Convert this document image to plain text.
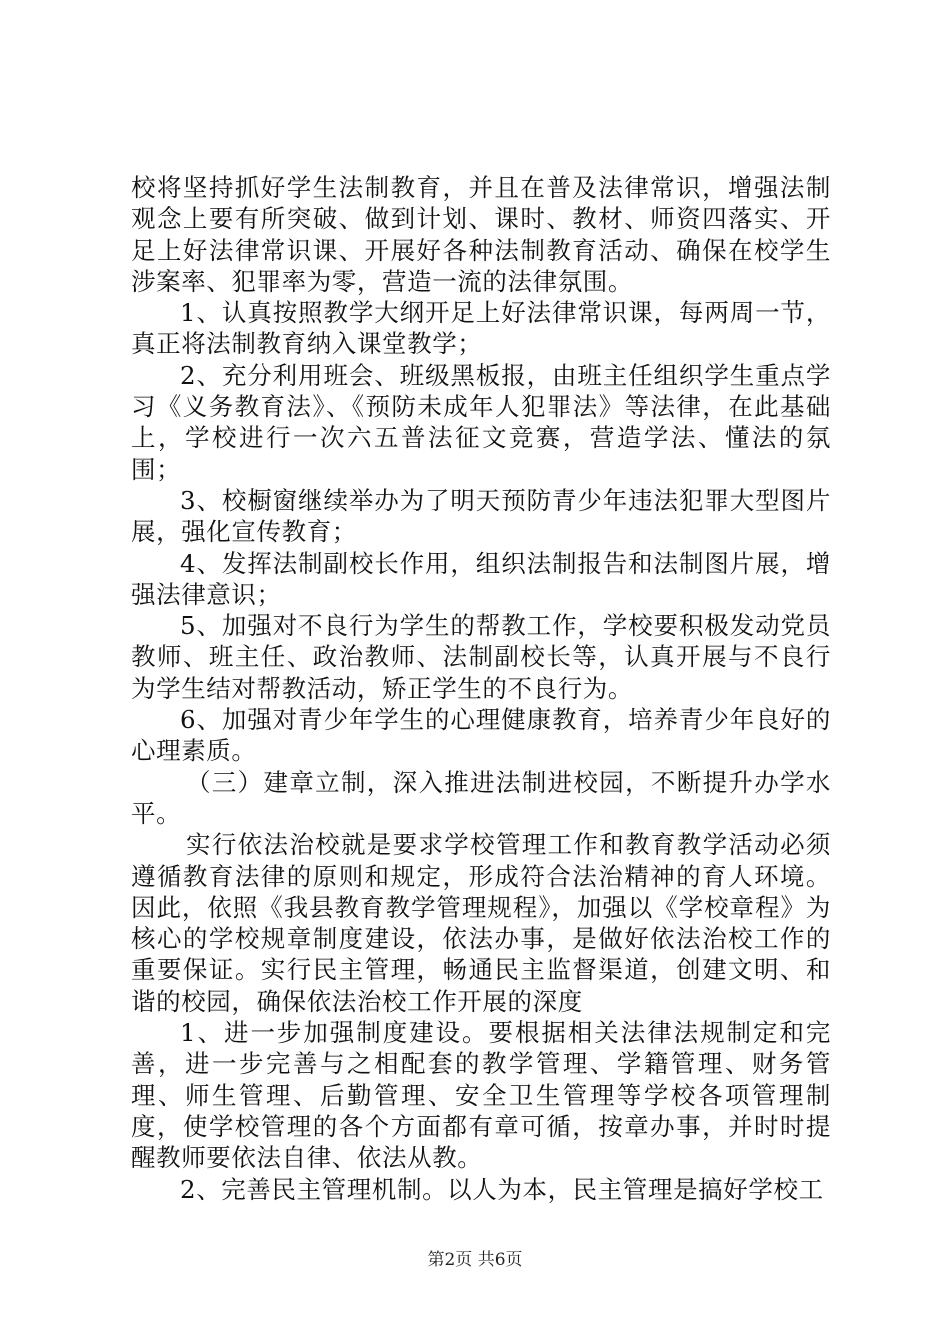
校将坚持抓好学生法制教育，并且在普及法律常识，增强法制观念上要有所突破、做到计划、课时、教材、师资四落实、开足上好法律常识课、开展好各种法制教育活动、确保在校学生涉案率、犯罪率为零，营造一流的法律氛围。

1、认真按照教学大纲开足上好法律常识课，每两周一节，真正将法制教育纳入课堂教学；

2、充分利用班会、班级黑板报，由班主任组织学生重点学习《义务教育法》、《预防未成年人犯罪法》等法律，在此基础上，学校进行一次六五普法征文竞赛，营造学法、懂法的氛围；

3、校橱窗继续举办为了明天预防青少年违法犯罪大型图片展，强化宣传教育；

4、发挥法制副校长作用，组织法制报告和法制图片展，增强法律意识；

5、加强对不良行为学生的帮教工作，学校要积极发动党员教师、班主任、政治教师、法制副校长等，认真开展与不良行为学生结对帮教活动，矫正学生的不良行为。

6、加强对青少年学生的心理健康教育，培养青少年良好的心理素质。

（三）建章立制，深入推进法制进校园，不断提升办学水平。

实行依法治校就是要求学校管理工作和教育教学活动必须遵循教育法律的原则和规定，形成符合法治精神的育人环境。因此，依照《我县教育教学管理规程》，加强以《学校章程》为核心的学校规章制度建设，依法办事，是做好依法治校工作的重要保证。实行民主管理，畅通民主监督渠道，创建文明、和谐的校园，确保依法治校工作开展的深度

1、进一步加强制度建设。要根据相关法律法规制定和完善，进一步完善与之相配套的教学管理、学籍管理、财务管理、师生管理、后勤管理、安全卫生管理等学校各项管理制度，使学校管理的各个方面都有章可循，按章办事，并时时提醒教师要依法自律、依法从教。

2、完善民主管理机制。以人为本，民主管理是搞好学校工

第2页 共6页
